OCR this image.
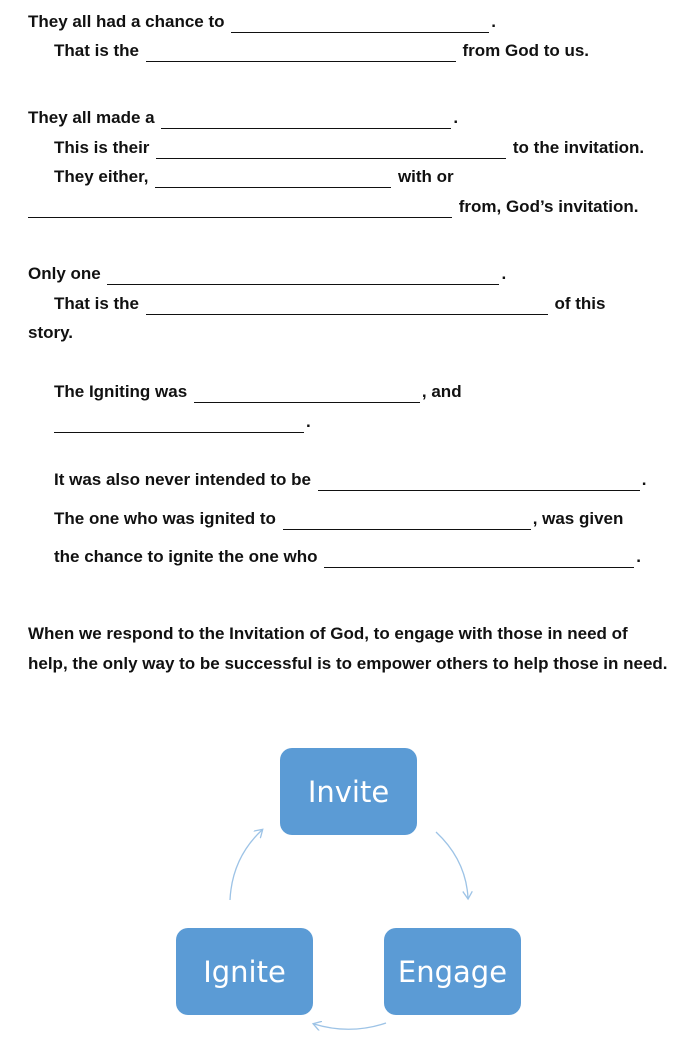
They all had a chance to	.
That is the	from God to us.
They all made a	.
This is their	to the invitation.
They either,	with or
from, God’s invitation.
Only one	.
That is the	of this
story.
The Igniting was	, and
.
It was also never intended to be	.
The one who was ignited to	, was given
the chance to ignite the one who	.
When we respond to the Invitation of God, to engage with those in need of help, the only way to be successful is to empower others to help those in need.
Invite
Engage
Ignite
